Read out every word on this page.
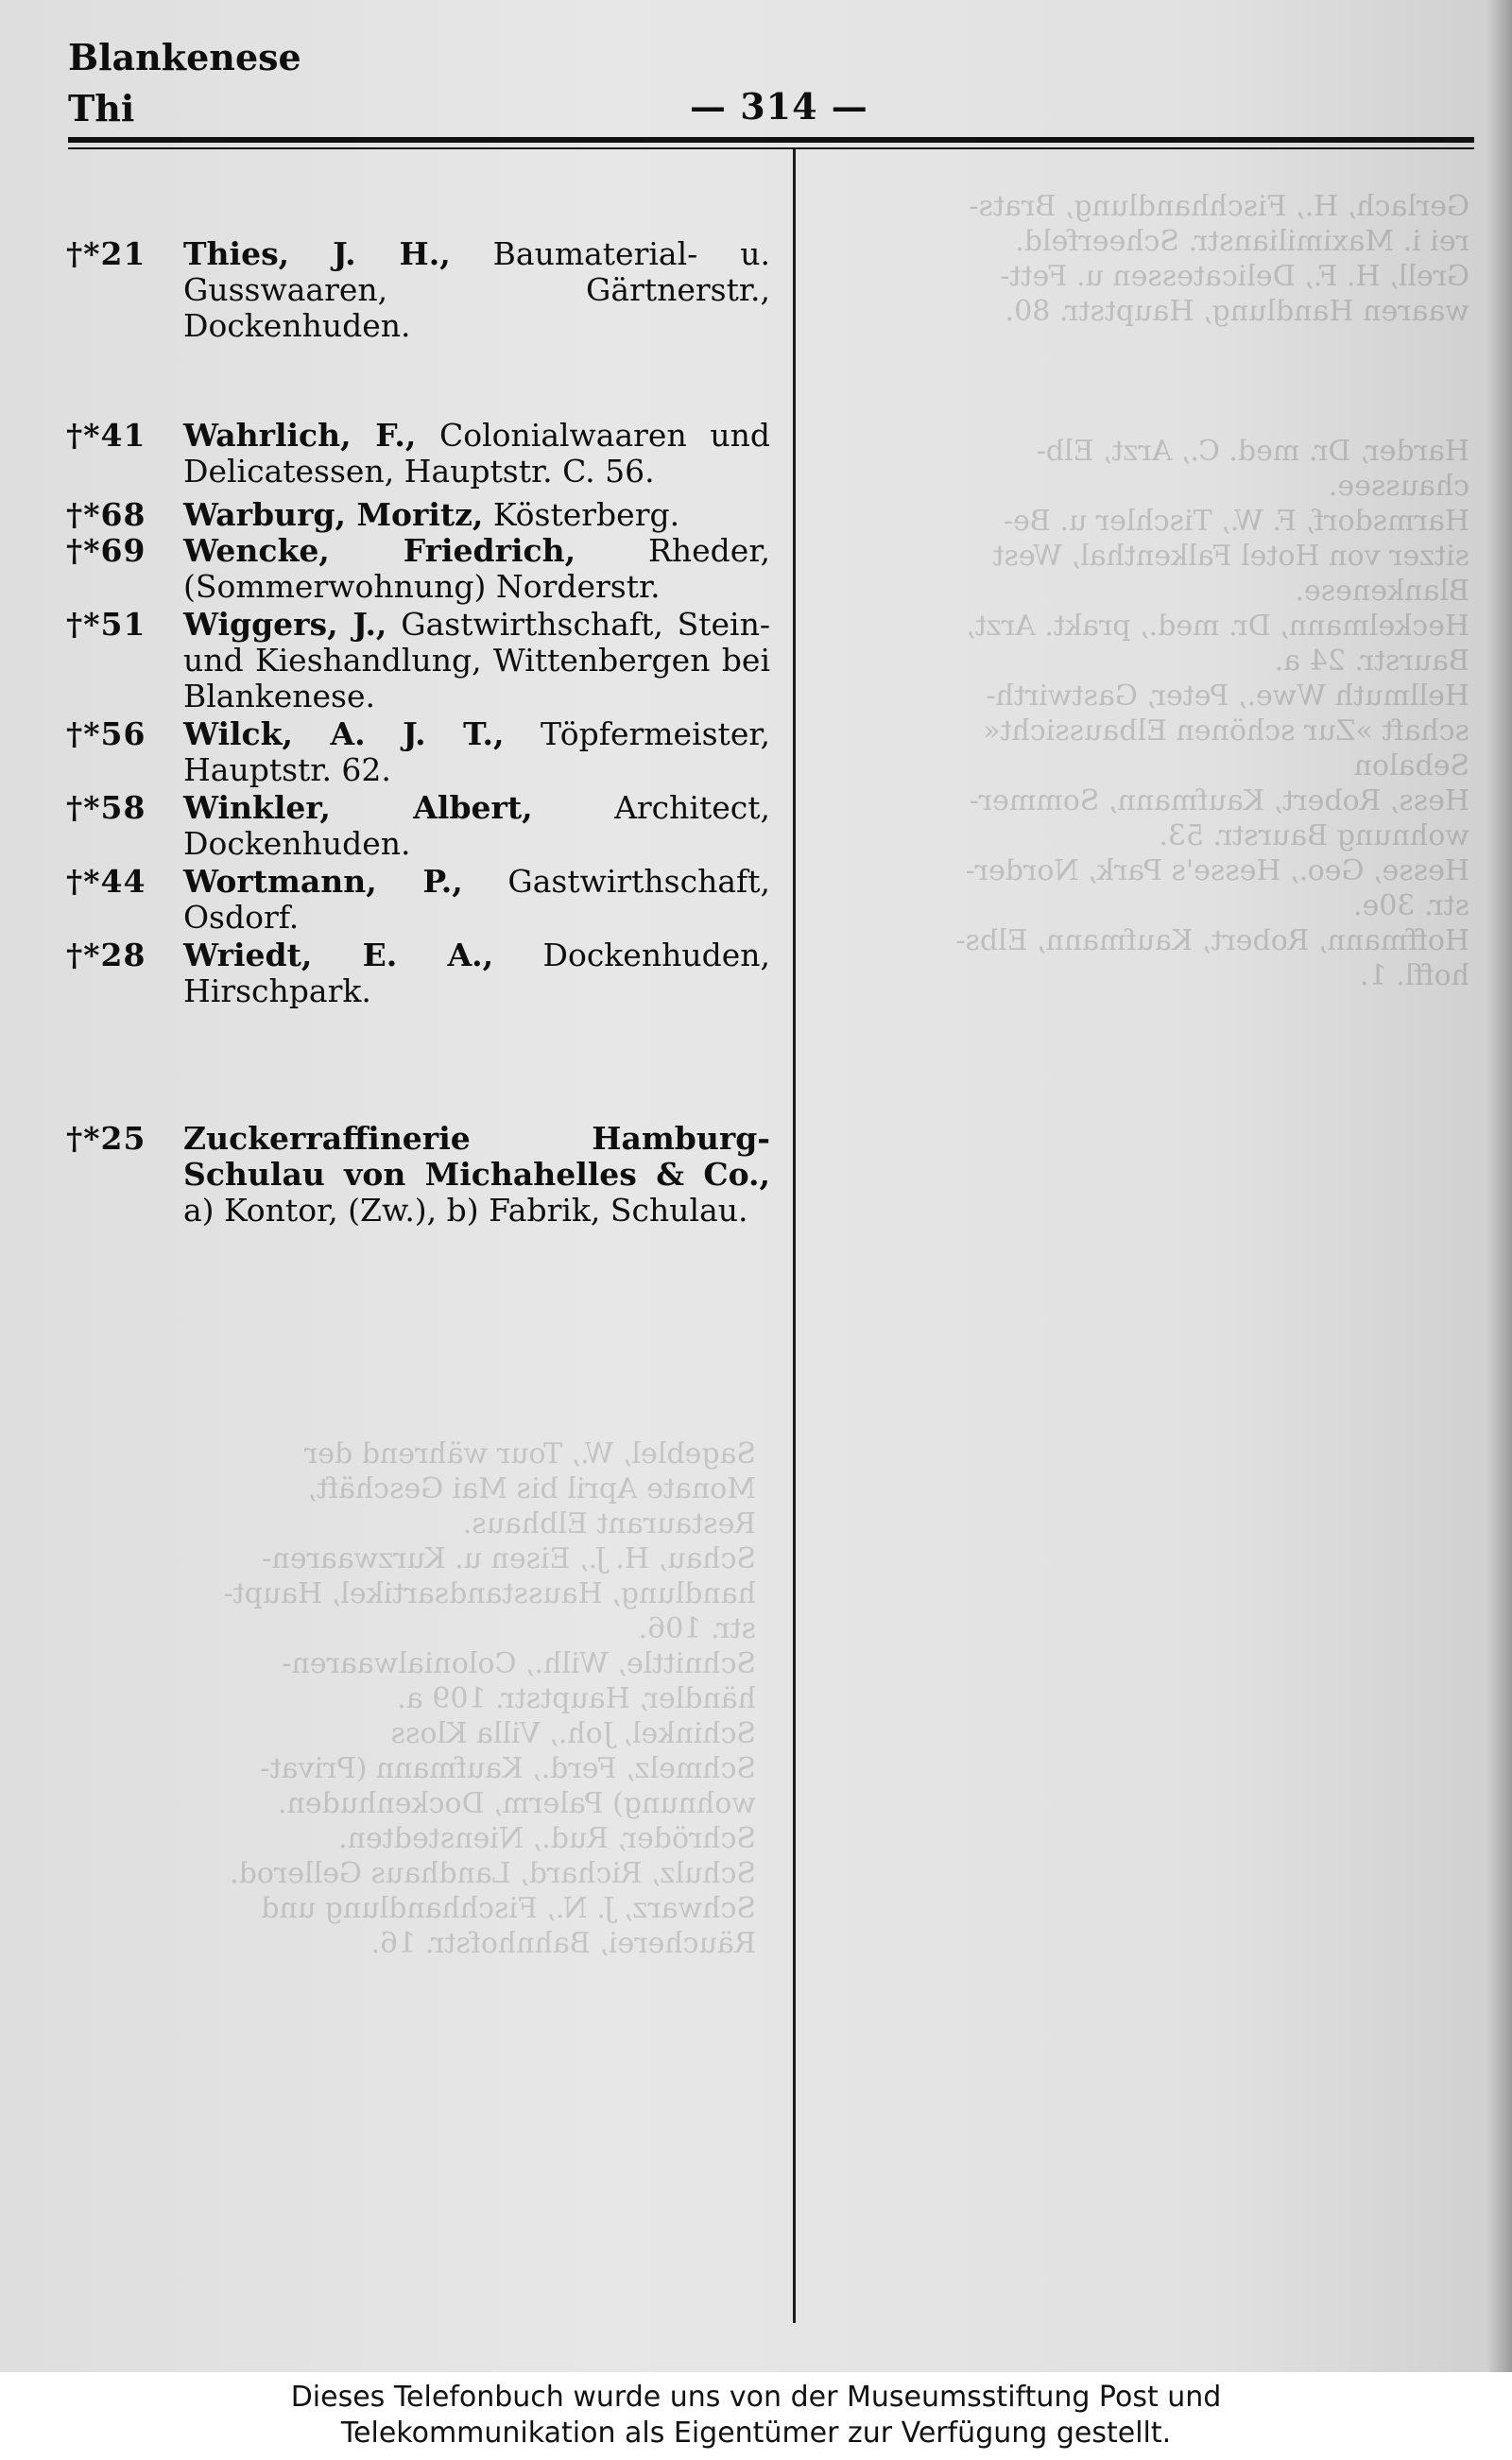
Blankenese
Thi	— 314 —
Gerlach, H., Fischhandlung, Brats-
rei i. Maximilianstr. Scheerfeld.
Grell, H. F., Delicatessen u. Fett-
waaren Handlung, Hauptstr. 80.

Harder, Dr. med. C., Arzt, Elb-
chaussee.
Harmsdorf, F. W., Tischler u. Be-
sitzer von Hotel Falkenthal, West
Blankenese.
Heckelmann, Dr. med., prakt. Arzt,
Baurstr. 24 a.
Hellmuth Wwe., Peter, Gastwirth-
schaft »Zur schönen Elbaussicht«
Sebalon
Hess, Robert, Kaufmann, Sommer-
wohnung Baurstr. 53.
Hesse, Geo., Hesse's Park, Norder-
str. 30e.
Hoffmann, Robert, Kaufmann, Elbs-
hoffl. 1.
Sageblel, W., Tour während der
Monate April bis Mai Geschäft,
Restaurant Elbhaus.
Schau, H. J., Eisen u. Kurzwaaren-
handlung, Hausstandsartikel, Haupt-
str. 106.
Schnittle, Wilh., Colonialwaaren-
händler, Hauptstr. 109 a.
Schinkel, Joh., Villa Kloss
Schmelz, Ferd., Kaufmann (Privat-
wohnung) Palerm, Dockenhuden.
Schröder, Rud., Nienstedten.
Schulz, Richard, Landhaus Gellerod.
Schwarz, J. N., Fischhandlung und
Räucherei, Bahnhofstr. 16.
†*21	Thies, J. H., Baumaterial- u. Gusswaaren, Gärtnerstr., Dockenhuden.
†*41	Wahrlich, F., Colonialwaaren und Delicatessen, Hauptstr. C. 56.
†*68	Warburg, Moritz, Kösterberg.
†*69	Wencke, Friedrich, Rheder, (Sommerwohnung) Norderstr.
†*51	Wiggers, J., Gastwirthschaft, Stein- und Kieshandlung, Wittenbergen bei Blankenese.
†*56	Wilck, A. J. T., Töpfermeister, Hauptstr. 62.
†*58	Winkler, Albert,	Architect, Dockenhuden.
†*44	Wortmann, P., Gastwirthschaft, Osdorf.
†*28	Wriedt, E. A., Dockenhuden, Hirschpark.
†*25	Zuckerraffinerie Hamburg-Schulau von Michahelles & Co., a) Kontor, (Zw.), b) Fabrik, Schulau.

Dieses Telefonbuch wurde uns von der Museumsstiftung Post und

Telekommunikation als Eigentümer zur Verfügung gestellt.
